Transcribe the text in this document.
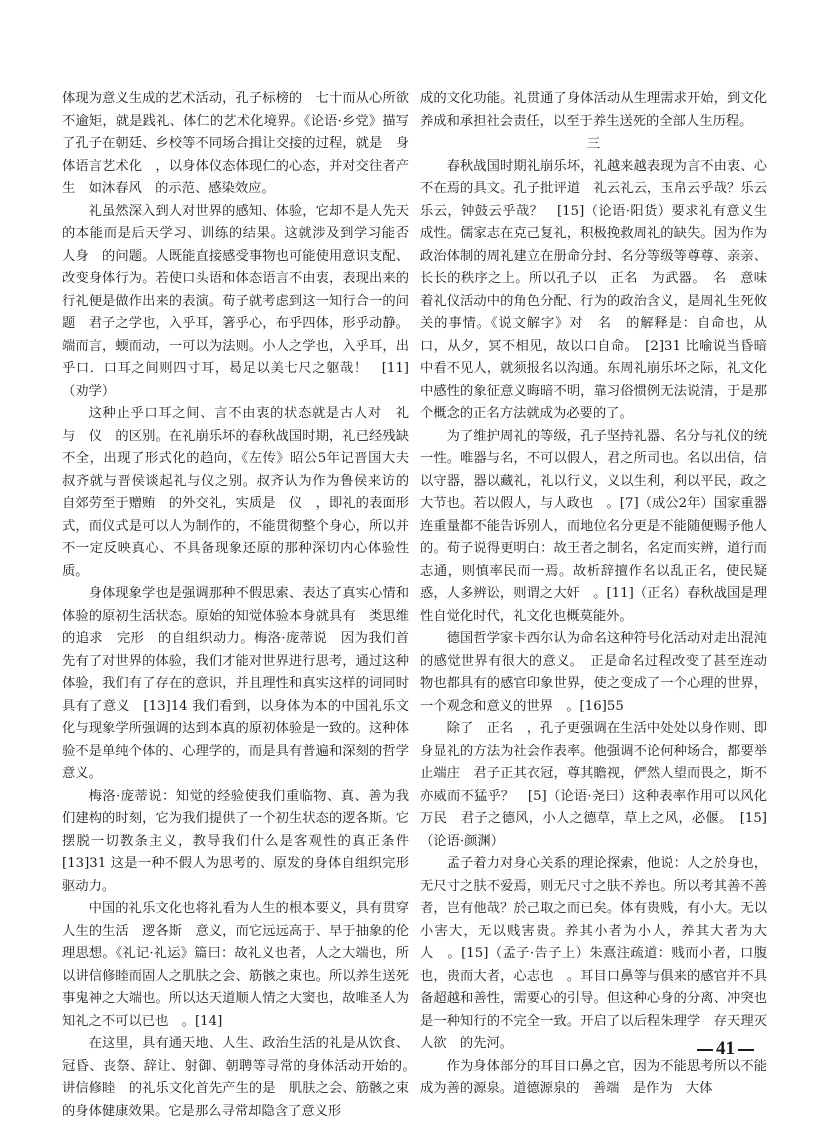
体现为意义生成的艺术活动，孔子标榜的　七十而从心所欲不逾矩，就是践礼、体仁的艺术化境界。《论语·乡党》描写了孔子在朝廷、乡校等不同场合揖让交接的过程，就是　身体语言艺术化　，以身体仪态体现仁的心态，并对交往者产生　如沐春风　的示范、感染效应。

礼虽然深入到人对世界的感知、体验，它却不是人先天的本能而是后天学习、训练的结果。这就涉及到学习能否　人身　的问题。人既能直接感受事物也可能使用意识支配、改变身体行为。若使口头语和体态语言不由衷，表现出来的行礼便是做作出来的表演。荀子就考虑到这一知行合一的问题　君子之学也，入乎耳，箸乎心，布乎四体，形乎动静。端而言，蝡而动，一可以为法则。小人之学也，入乎耳，出乎口．口耳之间则四寸耳，曷足以美七尺之躯哉！　[11]（劝学）

这种止乎口耳之间、言不由衷的状态就是古人对　礼　与　仪　的区别。在礼崩乐坏的春秋战国时期，礼已经残缺不全，出现了形式化的趋向，《左传》昭公5年记晋国大夫叔齐就与晋侯谈起礼与仪之别。叔齐认为作为鲁侯来访的　自郊劳至于赠贿　的外交礼，实质是　仪　，即礼的表面形式，而仪式是可以人为制作的，不能贯彻整个身心，所以并不一定反映真心、不具备现象还原的那种深切内心体验性质。

身体现象学也是强调那种不假思索、表达了真实心情和体验的原初生活状态。原始的知觉体验本身就具有　类思维　的追求　完形　的自组织动力。梅洛·庞蒂说　因为我们首先有了对世界的体验，我们才能对世界进行思考，通过这种体验，我们有了存在的意识，并且理性和真实这样的词同时具有了意义　[13]14 我们看到，以身体为本的中国礼乐文化与现象学所强调的达到本真的原初体验是一致的。这种体验不是单纯个体的、心理学的，而是具有普遍和深刻的哲学意义。

梅洛·庞蒂说：知觉的经验使我们重临物、真、善为我们建构的时刻，它为我们提供了一个初生状态的逻各斯。它摆脱一切教条主义，教导我们什么是客观性的真正条件　[13]31 这是一种不假人为思考的、原发的身体自组织完形驱动力。

中国的礼乐文化也将礼看为人生的根本要义，具有贯穿人生的生活　逻各斯　意义，而它远远高于、早于抽象的伦理思想。《礼记·礼运》篇曰：故礼义也者，人之大端也，所以讲信修睦而固人之肌肤之会、筋骸之束也。所以养生送死事鬼神之大端也。所以达天道顺人情之大窦也，故唯圣人为知礼之不可以已也　。[14]

在这里，具有通天地、人生、政治生活的礼是从饮食、冠昏、丧祭、辞让、射御、朝聘等寻常的身体活动开始的。　讲信修睦　的礼乐文化首先产生的是　肌肤之会、筋骸之束　的身体健康效果。它是那么寻常却隐含了意义形

成的文化功能。礼贯通了身体活动从生理需求开始，到文化养成和承担社会责任，以至于养生送死的全部人生历程。

三

春秋战国时期礼崩乐坏，礼越来越表现为言不由衷、心不在焉的具文。孔子批评道　礼云礼云，玉帛云乎哉？乐云乐云，钟鼓云乎哉？　[15]（论语·阳货）要求礼有意义生成性。儒家志在克己复礼，积极挽救周礼的缺失。因为作为政治体制的周礼建立在册命分封、名分等级等尊尊、亲亲、长长的秩序之上。所以孔子以　正名　为武器。　名　意味着礼仪活动中的角色分配、行为的政治含义，是周礼生死攸关的事情。《说文解字》对　名　的解释是：自命也，从口，从夕，冥不相见，故以口自命。　[2]31 比喻说当昏暗中看不见人，就须报名以沟通。东周礼崩乐坏之际，礼文化中感性的象征意义晦暗不明，靠习俗惯例无法说清，于是那个概念的正名方法就成为必要的了。

为了维护周礼的等级，孔子坚持礼器、名分与礼仪的统一性。唯器与名，不可以假人，君之所司也。名以出信，信以守器，器以藏礼，礼以行义，义以生利，利以平民，政之大节也。若以假人，与人政也　。[7]（成公2年）国家重器连重量都不能告诉别人，而地位名分更是不能随便赐予他人的。荀子说得更明白：故王者之制名，名定而实辨，道行而志通，则慎率民而一焉。故析辞擅作名以乱正名，使民疑惑，人多辨讼，则谓之大奸　。[11]（正名）春秋战国是理性自觉化时代，礼文化也概莫能外。

德国哲学家卡西尔认为命名这种符号化活动对走出混沌的感觉世界有很大的意义。　正是命名过程改变了甚至连动物也都具有的感官印象世界，使之变成了一个心理的世界，一个观念和意义的世界　。[16]55

除了　正名　，孔子更强调在生活中处处以身作则、即身显礼的方法为社会作表率。他强调不论何种场合，都要举止端庄　君子正其衣冠，尊其瞻视，俨然人望而畏之，斯不亦威而不猛乎？　[5]（论语·尧曰）这种表率作用可以风化万民　君子之德风，小人之德草，草上之风，必偃。　[15]（论语·颜渊）

孟子着力对身心关系的理论探索，他说：人之於身也，无尺寸之肤不爱焉，则无尺寸之肤不养也。所以考其善不善者，岂有他哉？於己取之而已矣。体有贵贱，有小大。无以小害大，无以贱害贵。养其小者为小人，养其大者为大人　。[15]（孟子·告子上）朱熹注疏道：贱而小者，口腹也，贵而大者，心志也　。耳目口鼻等与俱来的感官并不具备超越和善性，需要心的引导。但这种心身的分离、冲突也是一种知行的不完全一致。开启了以后程朱理学　存天理灭人欲　的先河。

作为身体部分的耳目口鼻之官，因为不能思考所以不能成为善的源泉。道德源泉的　善端　是作为　大体

41
